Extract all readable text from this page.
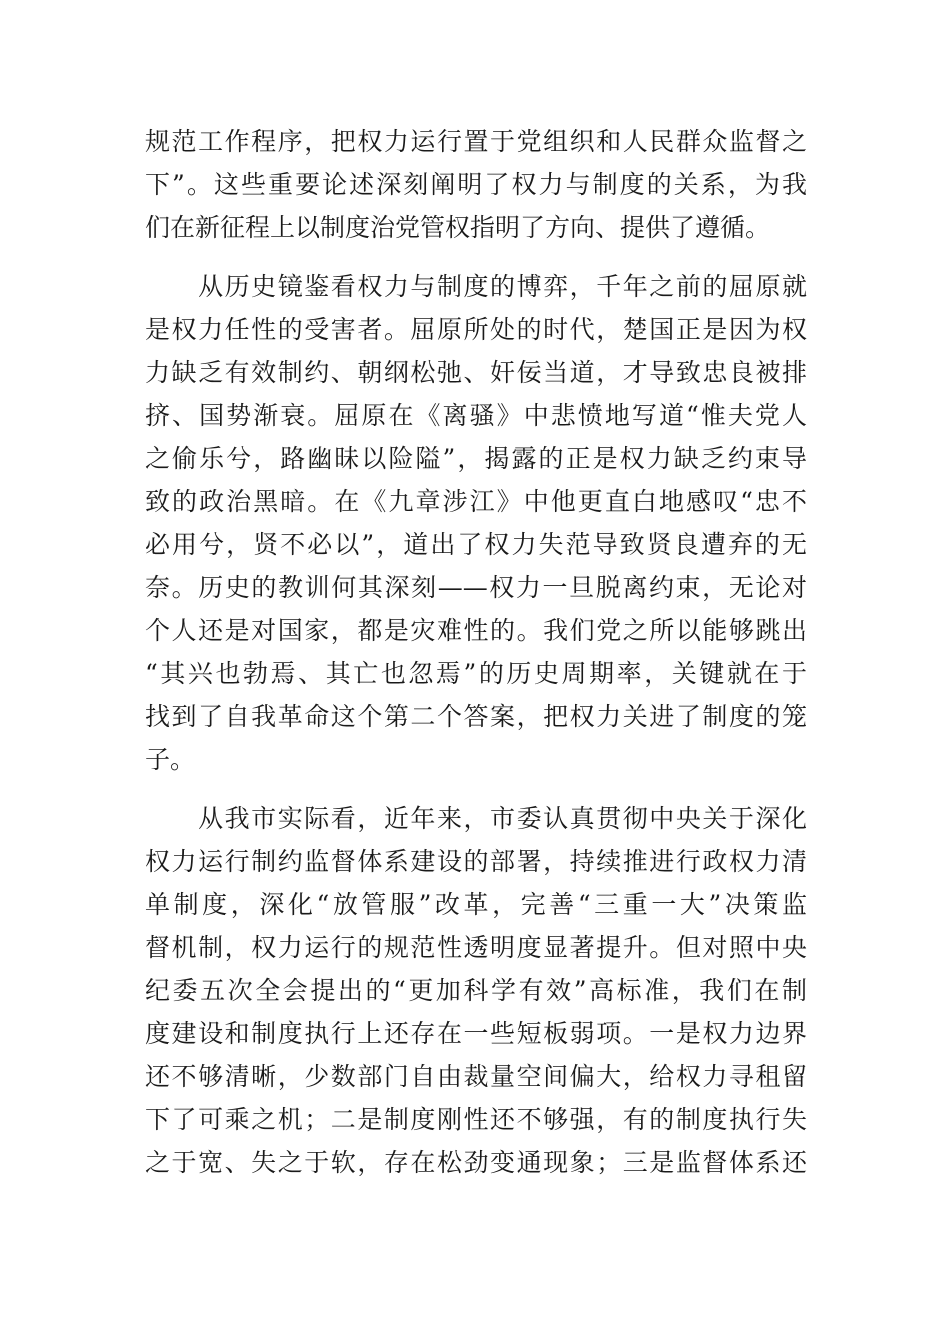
规范工作程序，把权力运行置于党组织和人民群众监督之
下”。这些重要论述深刻阐明了权力与制度的关系，为我
们在新征程上以制度治党管权指明了方向、提供了遵循。
　　从历史镜鉴看权力与制度的博弈，千年之前的屈原就
是权力任性的受害者。屈原所处的时代，楚国正是因为权
力缺乏有效制约、朝纲松弛、奸佞当道，才导致忠良被排
挤、国势渐衰。屈原在《离骚》中悲愤地写道“惟夫党人
之偷乐兮，路幽昧以险隘”，揭露的正是权力缺乏约束导
致的政治黑暗。在《九章涉江》中他更直白地感叹“忠不
必用兮，贤不必以”，道出了权力失范导致贤良遭弃的无
奈。历史的教训何其深刻——权力一旦脱离约束，无论对
个人还是对国家，都是灾难性的。我们党之所以能够跳出
“其兴也勃焉、其亡也忽焉”的历史周期率，关键就在于
找到了自我革命这个第二个答案，把权力关进了制度的笼
子。
　　从我市实际看，近年来，市委认真贯彻中央关于深化
权力运行制约监督体系建设的部署，持续推进行政权力清
单制度，深化“放管服”改革，完善“三重一大”决策监
督机制，权力运行的规范性透明度显著提升。但对照中央
纪委五次全会提出的“更加科学有效”高标准，我们在制
度建设和制度执行上还存在一些短板弱项。一是权力边界
还不够清晰，少数部门自由裁量空间偏大，给权力寻租留
下了可乘之机；二是制度刚性还不够强，有的制度执行失
之于宽、失之于软，存在松劲变通现象；三是监督体系还
